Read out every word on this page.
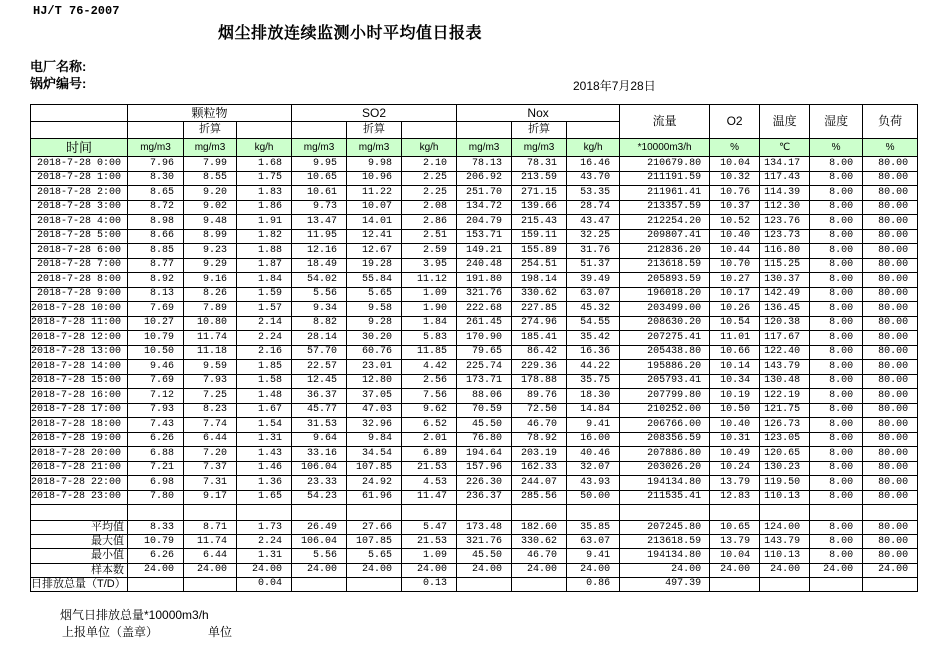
HJ/T 76-2007
烟尘排放连续监测小时平均值日报表
电厂名称:
锅炉编号:	2018年7月28日
	颗粒物			SO2			Nox			流量	O2	温度	湿度	负荷
		折算			折算			折算						
时间	mg/m3	mg/m3	kg/h	mg/m3	mg/m3	kg/h	mg/m3	mg/m3	kg/h	*10000m3/h	%	℃	%	%
2018-7-28 0:00	7.96	7.99	1.68	9.95	9.98	2.10	78.13	78.31	16.46	210679.80	10.04	134.17	8.00	80.00
2018-7-28 1:00	8.30	8.55	1.75	10.65	10.96	2.25	206.92	213.59	43.70	211191.59	10.32	117.43	8.00	80.00
2018-7-28 2:00	8.65	9.20	1.83	10.61	11.22	2.25	251.70	271.15	53.35	211961.41	10.76	114.39	8.00	80.00
2018-7-28 3:00	8.72	9.02	1.86	9.73	10.07	2.08	134.72	139.66	28.74	213357.59	10.37	112.30	8.00	80.00
2018-7-28 4:00	8.98	9.48	1.91	13.47	14.01	2.86	204.79	215.43	43.47	212254.20	10.52	123.76	8.00	80.00
2018-7-28 5:00	8.66	8.99	1.82	11.95	12.41	2.51	153.71	159.11	32.25	209807.41	10.40	123.73	8.00	80.00
2018-7-28 6:00	8.85	9.23	1.88	12.16	12.67	2.59	149.21	155.89	31.76	212836.20	10.44	116.80	8.00	80.00
2018-7-28 7:00	8.77	9.29	1.87	18.49	19.28	3.95	240.48	254.51	51.37	213618.59	10.70	115.25	8.00	80.00
2018-7-28 8:00	8.92	9.16	1.84	54.02	55.84	11.12	191.80	198.14	39.49	205893.59	10.27	130.37	8.00	80.00
2018-7-28 9:00	8.13	8.26	1.59	5.56	5.65	1.09	321.76	330.62	63.07	196018.20	10.17	142.49	8.00	80.00
2018-7-28 10:00	7.69	7.89	1.57	9.34	9.58	1.90	222.68	227.85	45.32	203499.00	10.26	136.45	8.00	80.00
2018-7-28 11:00	10.27	10.80	2.14	8.82	9.28	1.84	261.45	274.96	54.55	208630.20	10.54	120.38	8.00	80.00
2018-7-28 12:00	10.79	11.74	2.24	28.14	30.20	5.83	170.90	185.41	35.42	207275.41	11.01	117.67	8.00	80.00
2018-7-28 13:00	10.50	11.18	2.16	57.70	60.76	11.85	79.65	86.42	16.36	205438.80	10.66	122.40	8.00	80.00
2018-7-28 14:00	9.46	9.59	1.85	22.57	23.01	4.42	225.74	229.36	44.22	195886.20	10.14	143.79	8.00	80.00
2018-7-28 15:00	7.69	7.93	1.58	12.45	12.80	2.56	173.71	178.88	35.75	205793.41	10.34	130.48	8.00	80.00
2018-7-28 16:00	7.12	7.25	1.48	36.37	37.05	7.56	88.06	89.76	18.30	207799.80	10.19	122.19	8.00	80.00
2018-7-28 17:00	7.93	8.23	1.67	45.77	47.03	9.62	70.59	72.50	14.84	210252.00	10.50	121.75	8.00	80.00
2018-7-28 18:00	7.43	7.74	1.54	31.53	32.96	6.52	45.50	46.70	9.41	206766.00	10.40	126.73	8.00	80.00
2018-7-28 19:00	6.26	6.44	1.31	9.64	9.84	2.01	76.80	78.92	16.00	208356.59	10.31	123.05	8.00	80.00
2018-7-28 20:00	6.88	7.20	1.43	33.16	34.54	6.89	194.64	203.19	40.46	207886.80	10.49	120.65	8.00	80.00
2018-7-28 21:00	7.21	7.37	1.46	106.04	107.85	21.53	157.96	162.33	32.07	203026.20	10.24	130.23	8.00	80.00
2018-7-28 22:00	6.98	7.31	1.36	23.33	24.92	4.53	226.30	244.07	43.93	194134.80	13.79	119.50	8.00	80.00
2018-7-28 23:00	7.80	9.17	1.65	54.23	61.96	11.47	236.37	285.56	50.00	211535.41	12.83	110.13	8.00	80.00

平均值	8.33	8.71	1.73	26.49	27.66	5.47	173.48	182.60	35.85	207245.80	10.65	124.00	8.00	80.00
最大值	10.79	11.74	2.24	106.04	107.85	21.53	321.76	330.62	63.07	213618.59	13.79	143.79	8.00	80.00
最小值	6.26	6.44	1.31	5.56	5.65	1.09	45.50	46.70	9.41	194134.80	10.04	110.13	8.00	80.00
样本数	24.00	24.00	24.00	24.00	24.00	24.00	24.00	24.00	24.00	24.00	24.00	24.00	24.00	24.00
日排放总量（T/D）			0.04			0.13			0.86	497.39				
烟气日排放总量*10000m3/h
上报单位（盖章）	单位
